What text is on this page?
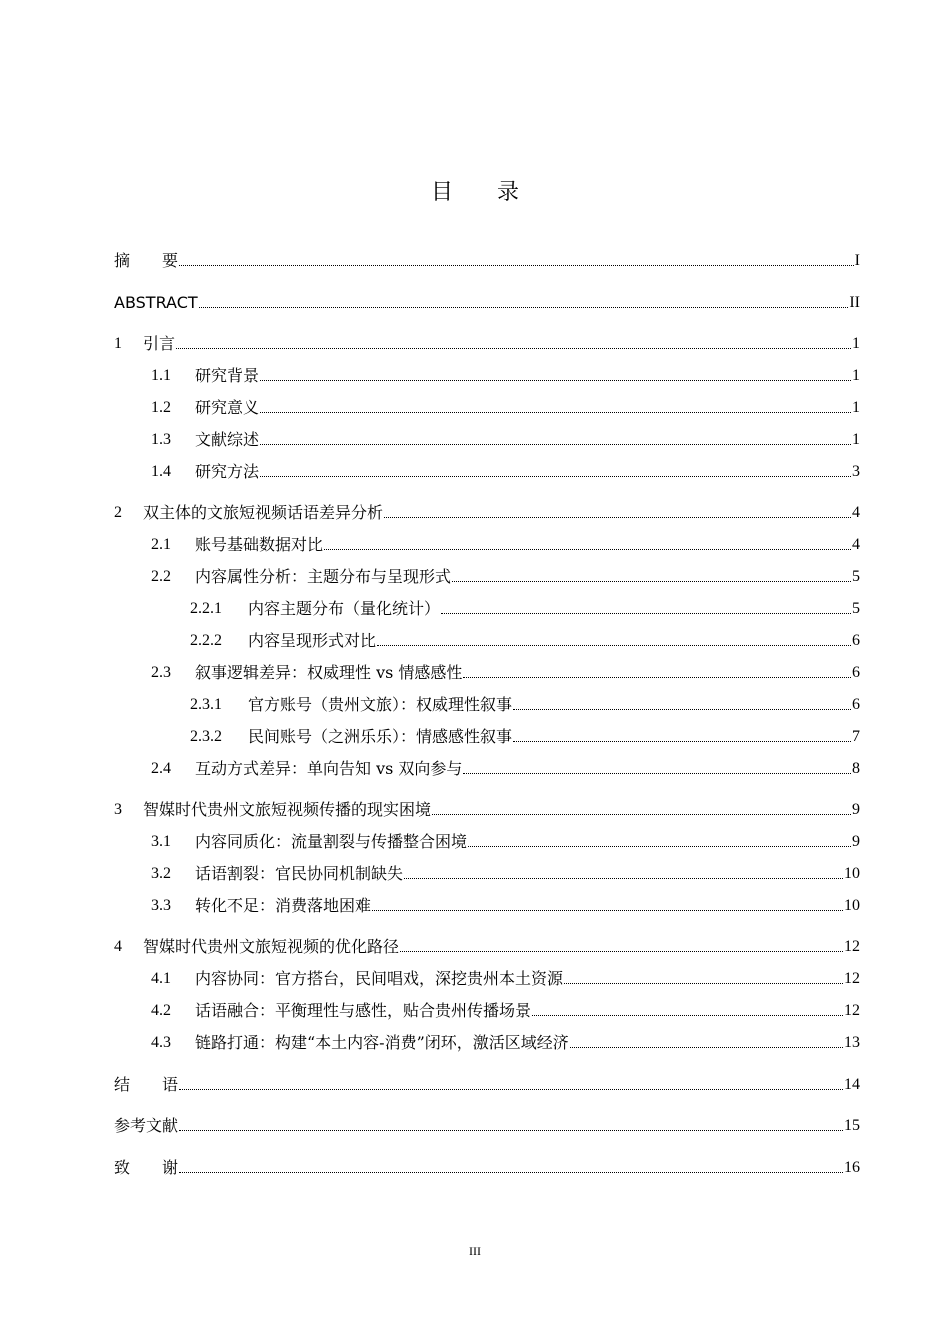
目 录
摘　　要	I
ABSTRACT	II
1	引言	1
1.1	研究背景	1
1.2	研究意义	1
1.3	文献综述	1
1.4	研究方法	3
2	双主体的文旅短视频话语差异分析	4
2.1	账号基础数据对比	4
2.2	内容属性分析：主题分布与呈现形式	5
2.2.1	内容主题分布（量化统计）	5
2.2.2	内容呈现形式对比	6
2.3	叙事逻辑差异：权威理性 vs 情感感性	6
2.3.1	官方账号（贵州文旅）：权威理性叙事	6
2.3.2	民间账号（之洲乐乐）：情感感性叙事	7
2.4	互动方式差异：单向告知 vs 双向参与	8
3	智媒时代贵州文旅短视频传播的现实困境	9
3.1	内容同质化：流量割裂与传播整合困境	9
3.2	话语割裂：官民协同机制缺失	10
3.3	转化不足：消费落地困难	10
4	智媒时代贵州文旅短视频的优化路径	12
4.1	内容协同：官方搭台，民间唱戏，深挖贵州本土资源	12
4.2	话语融合：平衡理性与感性，贴合贵州传播场景	12
4.3	链路打通：构建“本土内容-消费”闭环，激活区域经济	13
结　　语	14
参考文献	15
致　　谢	16
III
